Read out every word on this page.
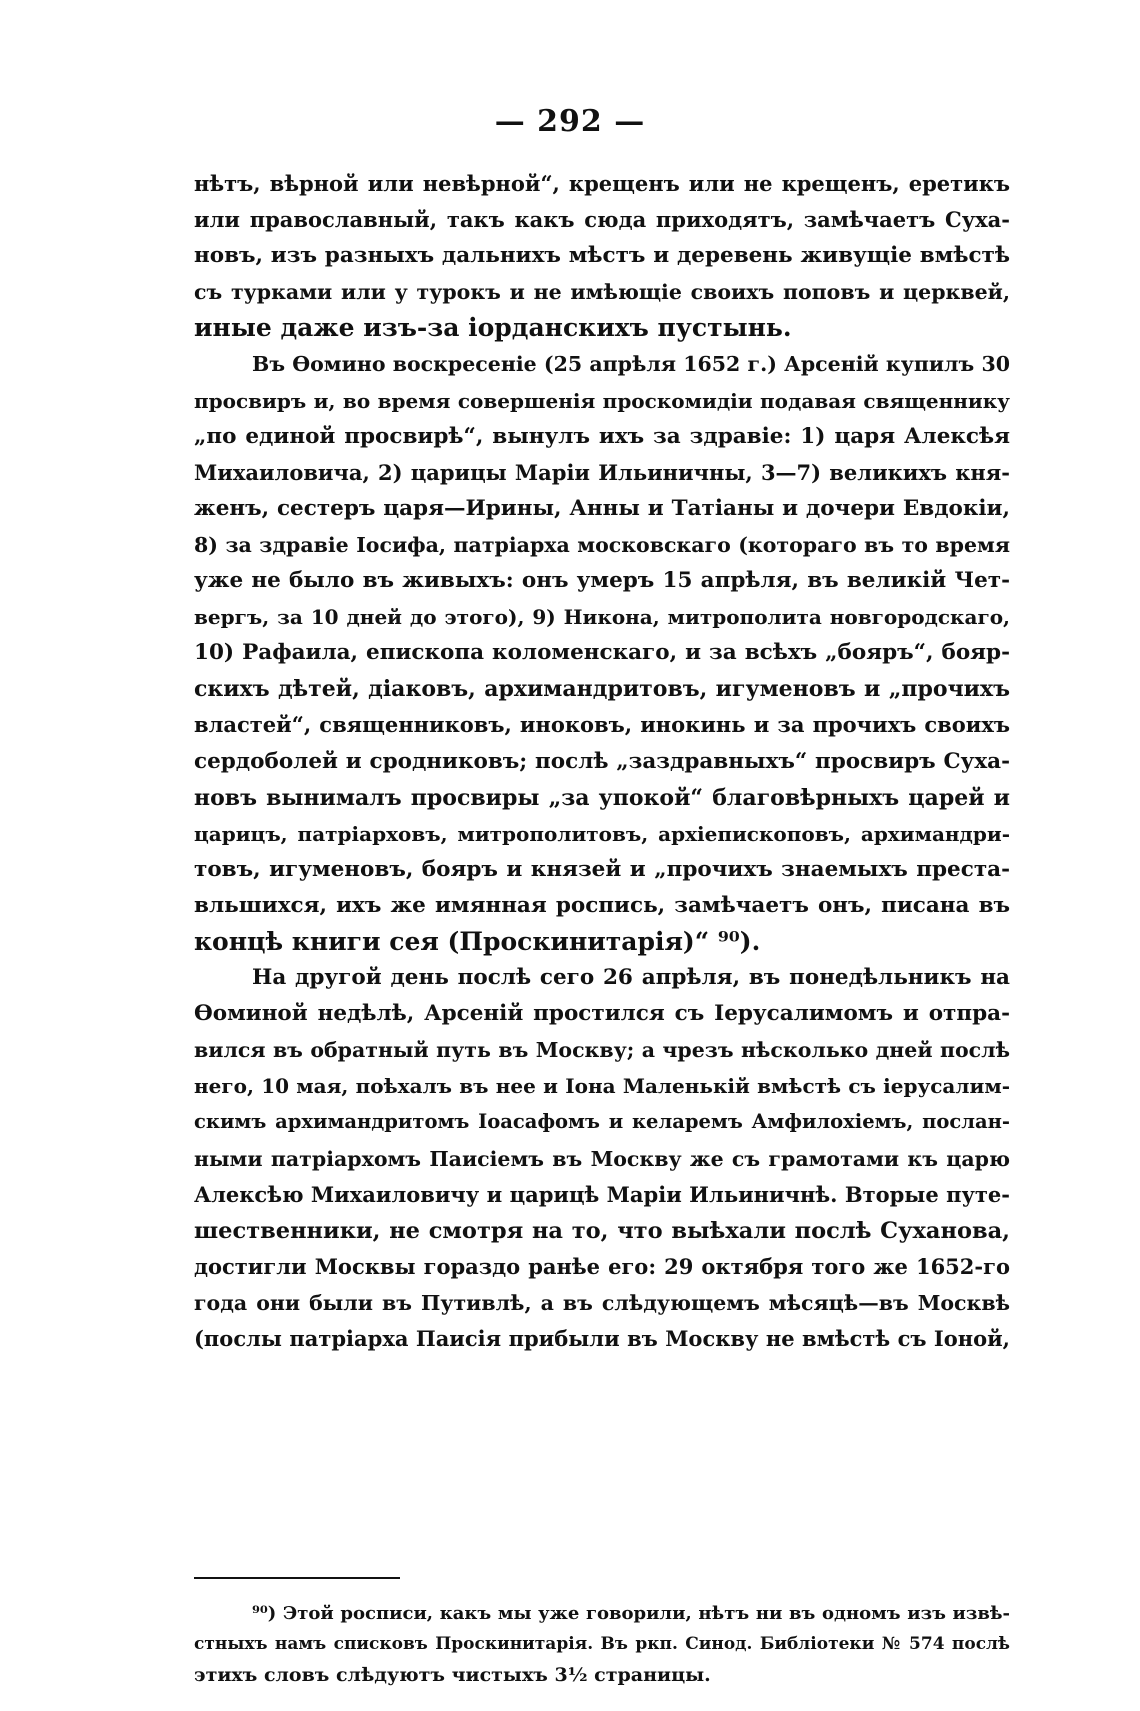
— 292 —
нѣтъ, вѣрной или невѣрной“, крещенъ или не крещенъ, еретикъ
или православный, такъ какъ сюда приходятъ, замѣчаетъ Суха-
новъ, изъ разныхъ дальнихъ мѣстъ и деревень живущіе вмѣстѣ
съ турками или у турокъ и не имѣющіе своихъ поповъ и церквей,
иные даже изъ-за іорданскихъ пустынь.
Въ Ѳомино воскресеніе (25 апрѣля 1652 г.) Арсеній купилъ 30
просвиръ и, во время совершенія проскомидіи подавая священнику
„по единой просвирѣ“, вынулъ ихъ за здравіе: 1) царя Алексѣя
Михаиловича, 2) царицы Маріи Ильиничны, 3—7) великихъ кня-
женъ, сестеръ царя—Ирины, Анны и Татіаны и дочери Евдокіи,
8) за здравіе Іосифа, патріарха московскаго (котораго въ то время
уже не было въ живыхъ: онъ умеръ 15 апрѣля, въ великій Чет-
вергъ, за 10 дней до этого), 9) Никона, митрополита новгородскаго,
10) Рафаила, епископа коломенскаго, и за всѣхъ „бояръ“, бояр-
скихъ дѣтей, діаковъ, архимандритовъ, игуменовъ и „прочихъ
властей“, священниковъ, иноковъ, инокинь и за прочихъ своихъ
сердоболей и сродниковъ; послѣ „заздравныхъ“ просвиръ Суха-
новъ вынималъ просвиры „за упокой“ благовѣрныхъ царей и
царицъ, патріарховъ, митрополитовъ, архіепископовъ, архимандри-
товъ, игуменовъ, бояръ и князей и „прочихъ знаемыхъ преста-
вльшихся, ихъ же имянная роспись, замѣчаетъ онъ, писана въ
концѣ книги сея (Проскинитарія)“ ⁹⁰).
На другой день послѣ сего 26 апрѣля, въ понедѣльникъ на
Ѳоминой недѣлѣ, Арсеній простился съ Іерусалимомъ и отпра-
вился въ обратный путь въ Москву; а чрезъ нѣсколько дней послѣ
него, 10 мая, поѣхалъ въ нее и Іона Маленькій вмѣстѣ съ іерусалим-
скимъ архимандритомъ Іоасафомъ и келаремъ Амфилохіемъ, послан-
ными патріархомъ Паисіемъ въ Москву же съ грамотами къ царю
Алексѣю Михаиловичу и царицѣ Маріи Ильиничнѣ. Вторые путе-
шественники, не смотря на то, что выѣхали послѣ Суханова,
достигли Москвы гораздо ранѣе его: 29 октября того же 1652-го
года они были въ Путивлѣ, а въ слѣдующемъ мѣсяцѣ—въ Москвѣ
(послы патріарха Паисія прибыли въ Москву не вмѣстѣ съ Іоной,
⁹⁰) Этой росписи, какъ мы уже говорили, нѣтъ ни въ одномъ изъ извѣ-
стныхъ намъ списковъ Проскинитарія. Въ ркп. Синод. Библіотеки № 574 послѣ
этихъ словъ слѣдуютъ чистыхъ 3½ страницы.
